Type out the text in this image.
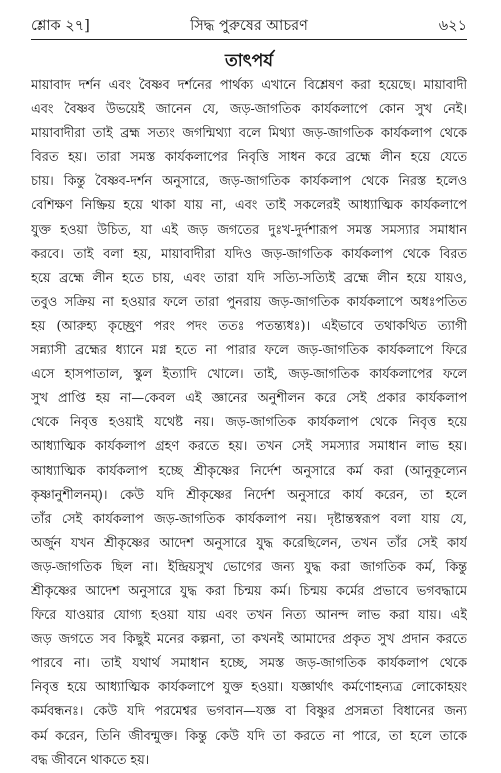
শ্লোক ২৭]	সিদ্ধ পুরুষের আচরণ	৬২১
তাৎপর্য
মায়াবাদ দর্শন এবং বৈষ্ণব দর্শনের পার্থক্য এখানে বিশ্লেষণ করা হয়েছে। মায়াবাদী
এবং বৈষ্ণব উভয়েই জানেন যে, জড়-জাগতিক কার্যকলাপে কোন সুখ নেই।
মায়াবাদীরা তাই ব্রহ্ম সত্যং জগন্মিথ্যা বলে মিথ্যা জড়-জাগতিক কার্যকলাপ থেকে
বিরত হয়। তারা সমস্ত কার্যকলাপের নিবৃত্তি সাধন করে ব্রহ্মে লীন হয়ে যেতে
চায়। কিন্তু বৈষ্ণব-দর্শন অনুসারে, জড়-জাগতিক কার্যকলাপ থেকে নিরস্ত হলেও
বেশিক্ষণ নিষ্ক্রিয় হয়ে থাকা যায় না, এবং তাই সকলেরই আধ্যাত্মিক কার্যকলাপে
যুক্ত হওয়া উচিত, যা এই জড় জগতের দুঃখ-দুর্দশারূপ সমস্ত সমস্যার সমাধান
করবে। তাই বলা হয়, মায়াবাদীরা যদিও জড়-জাগতিক কার্যকলাপ থেকে বিরত
হয়ে ব্রহ্মে লীন হতে চায়, এবং তারা যদি সত্যি-সত্যিই ব্রহ্মে লীন হয়ে যায়ও,
তবুও সক্রিয় না হওয়ার ফলে তারা পুনরায় জড়-জাগতিক কার্যকলাপে অধঃপতিত
হয় (আরুহ্য কৃচ্ছ্রেণ পরং পদং ততঃ পতন্ত্যধঃ)। এইভাবে তথাকথিত ত্যাগী
সন্ন্যাসী ব্রহ্মের ধ্যানে মগ্ন হতে না পারার ফলে জড়-জাগতিক কার্যকলাপে ফিরে
এসে হাসপাতাল, স্কুল ইত্যাদি খোলে। তাই, জড়-জাগতিক কার্যকলাপের ফলে
সুখ প্রাপ্তি হয় না—কেবল এই জ্ঞানের অনুশীলন করে সেই প্রকার কার্যকলাপ
থেকে নিবৃত্ত হওয়াই যথেষ্ট নয়। জড়-জাগতিক কার্যকলাপ থেকে নিবৃত্ত হয়ে
আধ্যাত্মিক কার্যকলাপ গ্রহণ করতে হয়। তখন সেই সমস্যার সমাধান লাভ হয়।
আধ্যাত্মিক কার্যকলাপ হচ্ছে শ্রীকৃষ্ণের নির্দেশ অনুসারে কর্ম করা (আনুকূল্যেন
কৃষ্ণানুশীলনম্)। কেউ যদি শ্রীকৃষ্ণের নির্দেশ অনুসারে কার্য করেন, তা হলে
তাঁর সেই কার্যকলাপ জড়-জাগতিক কার্যকলাপ নয়। দৃষ্টান্তস্বরূপ বলা যায় যে,
অর্জুন যখন শ্রীকৃষ্ণের আদেশ অনুসারে যুদ্ধ করেছিলেন, তখন তাঁর সেই কার্য
জড়-জাগতিক ছিল না। ইন্দ্রিয়সুখ ভোগের জন্য যুদ্ধ করা জাগতিক কর্ম, কিন্তু
শ্রীকৃষ্ণের আদেশ অনুসারে যুদ্ধ করা চিন্ময় কর্ম। চিন্ময় কর্মের প্রভাবে ভগবদ্ধামে
ফিরে যাওয়ার যোগ্য হওয়া যায় এবং তখন নিত্য আনন্দ লাভ করা যায়। এই
জড় জগতে সব কিছুই মনের কল্পনা, তা কখনই আমাদের প্রকৃত সুখ প্রদান করতে
পারবে না। তাই যথার্থ সমাধান হচ্ছে, সমস্ত জড়-জাগতিক কার্যকলাপ থেকে
নিবৃত্ত হয়ে আধ্যাত্মিক কার্যকলাপে যুক্ত হওয়া। যজ্ঞার্থাৎ কর্মণোহন্যত্র লোকোহয়ং
কর্মবন্ধনঃ। কেউ যদি পরমেশ্বর ভগবান—যজ্ঞ বা বিষ্ণুর প্রসন্নতা বিধানের জন্য
কর্ম করেন, তিনি জীবন্মুক্ত। কিন্তু কেউ যদি তা করতে না পারে, তা হলে তাকে
বদ্ধ জীবনে থাকতে হয়।
